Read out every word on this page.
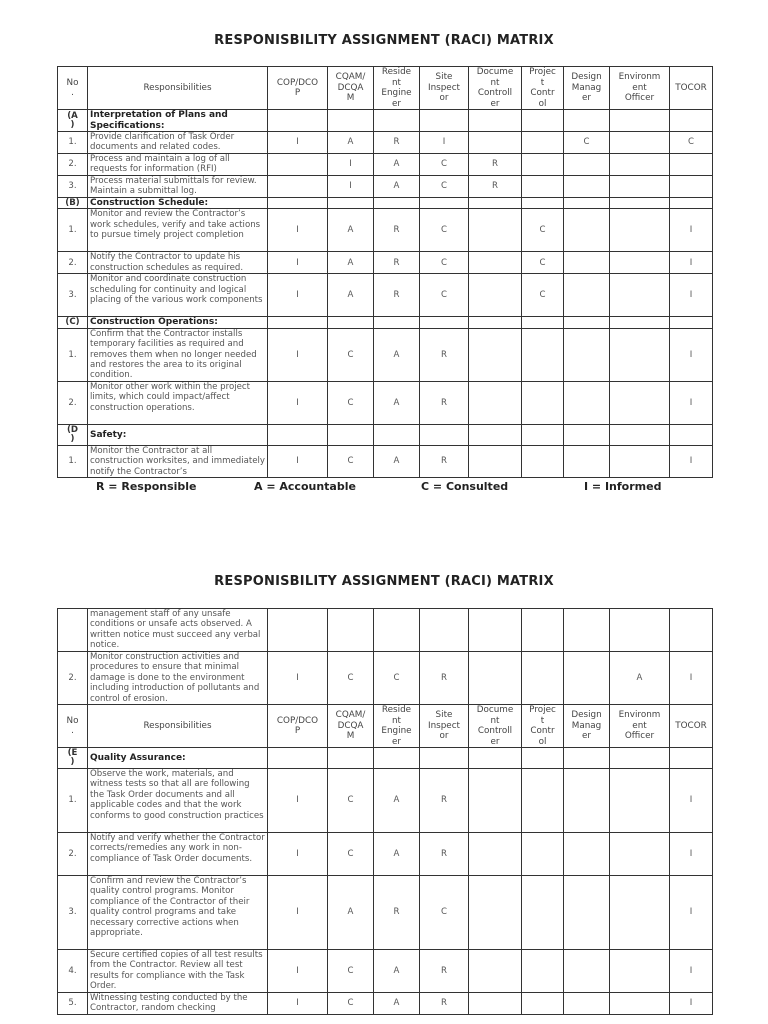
RESPONISBILITY ASSIGNMENT (RACI) MATRIX
No
.	Responsibilities	COP/DCO
P	CQAM/
DCQA
M	Reside
nt
Engine
er	Site
Inspect
or	Docume
nt
Controll
er	Projec
t
Contr
ol	Design
Manag
er	Environm
ent
Officer	TOCOR
(A
)	Interpretation of Plans and Specifications:									
1.	Provide clarification of Task Order documents and related codes.	I	A	R	I			C		C
2.	Process and maintain a log of all requests for information (RFI)		I	A	C	R				
3.	Process material submittals for review. Maintain a submittal log.		I	A	C	R				
(B)	Construction Schedule:									
1.	Monitor and review the Contractor’s work schedules, verify and take actions to pursue timely project completion	I	A	R	C		C			I
2.	Notify the Contractor to update his construction schedules as required.	I	A	R	C		C			I
3.	Monitor and coordinate construction scheduling for continuity and logical placing of the various work components	I	A	R	C		C			I
(C)	Construction Operations:									
1.	Confirm that the Contractor installs temporary facilities as required and removes them when no longer needed and restores the area to its original condition.	I	C	A	R					I
2.	Monitor other work within the project limits, which could impact/affect construction operations.	I	C	A	R					I
(D
)	Safety:									
1.	Monitor the Contractor at all construction worksites, and immediately notify the Contractor’s	I	C	A	R					I
R = Responsible	A = Accountable	C = Consulted	I = Informed
RESPONISBILITY ASSIGNMENT (RACI) MATRIX
	management staff of any unsafe conditions or unsafe acts observed. A written notice must succeed any verbal notice.									
2.	Monitor construction activities and procedures to ensure that minimal damage is done to the environment including introduction of pollutants and control of erosion.	I	C	C	R				A	I
No
.	Responsibilities	COP/DCO
P	CQAM/
DCQA
M	Reside
nt
Engine
er	Site
Inspect
or	Docume
nt
Controll
er	Projec
t
Contr
ol	Design
Manag
er	Environm
ent
Officer	TOCOR
(E
)	Quality Assurance:									
1.	Observe the work, materials, and witness tests so that all are following the Task Order documents and all applicable codes and that the work conforms to good construction practices	I	C	A	R					I
2.	Notify and verify whether the Contractor corrects/remedies any work in non- compliance of Task Order documents.	I	C	A	R					I
3.	Confirm and review the Contractor’s quality control programs. Monitor compliance of the Contractor of their quality control programs and take necessary corrective actions when appropriate.	I	A	R	C					I
4.	Secure certified copies of all test results from the Contractor. Review all test results for compliance with the Task Order.	I	C	A	R					I
5.	Witnessing testing conducted by the Contractor, random checking	I	C	A	R					I
